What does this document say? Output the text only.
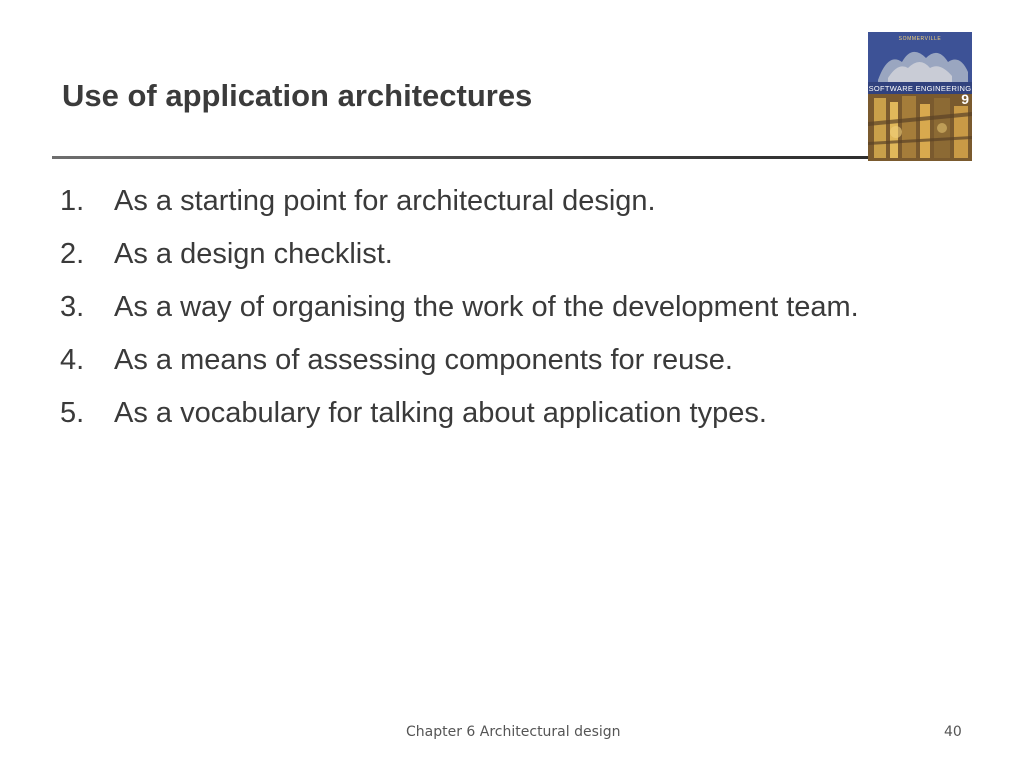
Use of application architectures
SOMMERVILLE
SOFTWARE ENGINEERING
9
1.	As a starting point for architectural design.
2.	As a design checklist.
3.	As a way of organising the work of the development team.
4.	As a means of assessing components for reuse.
5.	As a vocabulary for talking about application types.
Chapter 6 Architectural design	40
